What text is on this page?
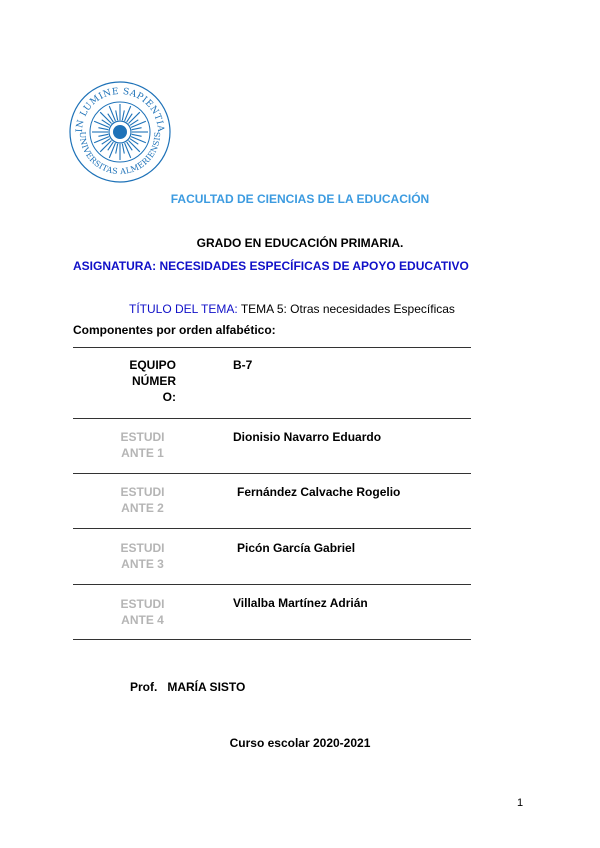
IN LUMINE SAPIENTIA
UNIVERSITAS ALMERIENSIS
FACULTAD DE CIENCIAS DE LA EDUCACIÓN
GRADO EN EDUCACIÓN PRIMARIA.
ASIGNATURA: NECESIDADES ESPECÍFICAS DE APOYO EDUCATIVO
TÍTULO DEL TEMA: TEMA 5: Otras necesidades Específicas
Componentes por orden alfabético:
EQUIPO
NÚMER
O:
B-7
ESTUDI
ANTE 1
Dionisio Navarro Eduardo
ESTUDI
ANTE 2
Fernández Calvache Rogelio
ESTUDI
ANTE 3
Picón García Gabriel
ESTUDI
ANTE 4
Villalba Martínez Adrián
Prof. MARÍA SISTO
Curso escolar 2020-2021
1
